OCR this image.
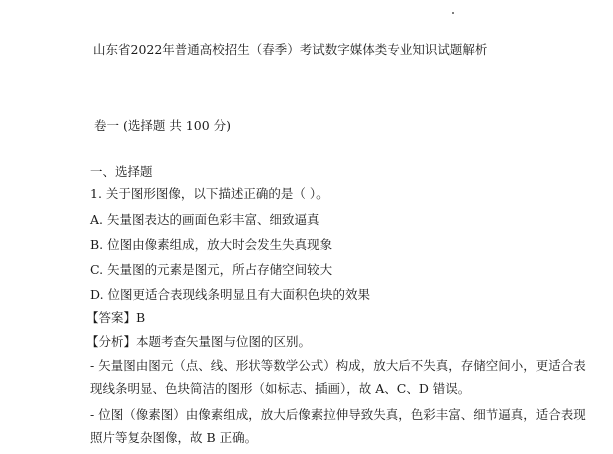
山东省2022年普通高校招生（春季）考试数字媒体类专业知识试题解析
卷一 (选择题 共 100 分)
一、选择题
1. 关于图形图像，以下描述正确的是（ ）。
A. 矢量图表达的画面色彩丰富、细致逼真
B. 位图由像素组成，放大时会发生失真现象
C. 矢量图的元素是图元，所占存储空间较大
D. 位图更适合表现线条明显且有大面积色块的效果
【答案】B
【分析】本题考查矢量图与位图的区别。
- 矢量图由图元（点、线、形状等数学公式）构成，放大后不失真，存储空间小，更适合表
现线条明显、色块简洁的图形（如标志、插画），故 A、C、D 错误。
- 位图（像素图）由像素组成，放大后像素拉伸导致失真，色彩丰富、细节逼真，适合表现
照片等复杂图像，故 B 正确。
